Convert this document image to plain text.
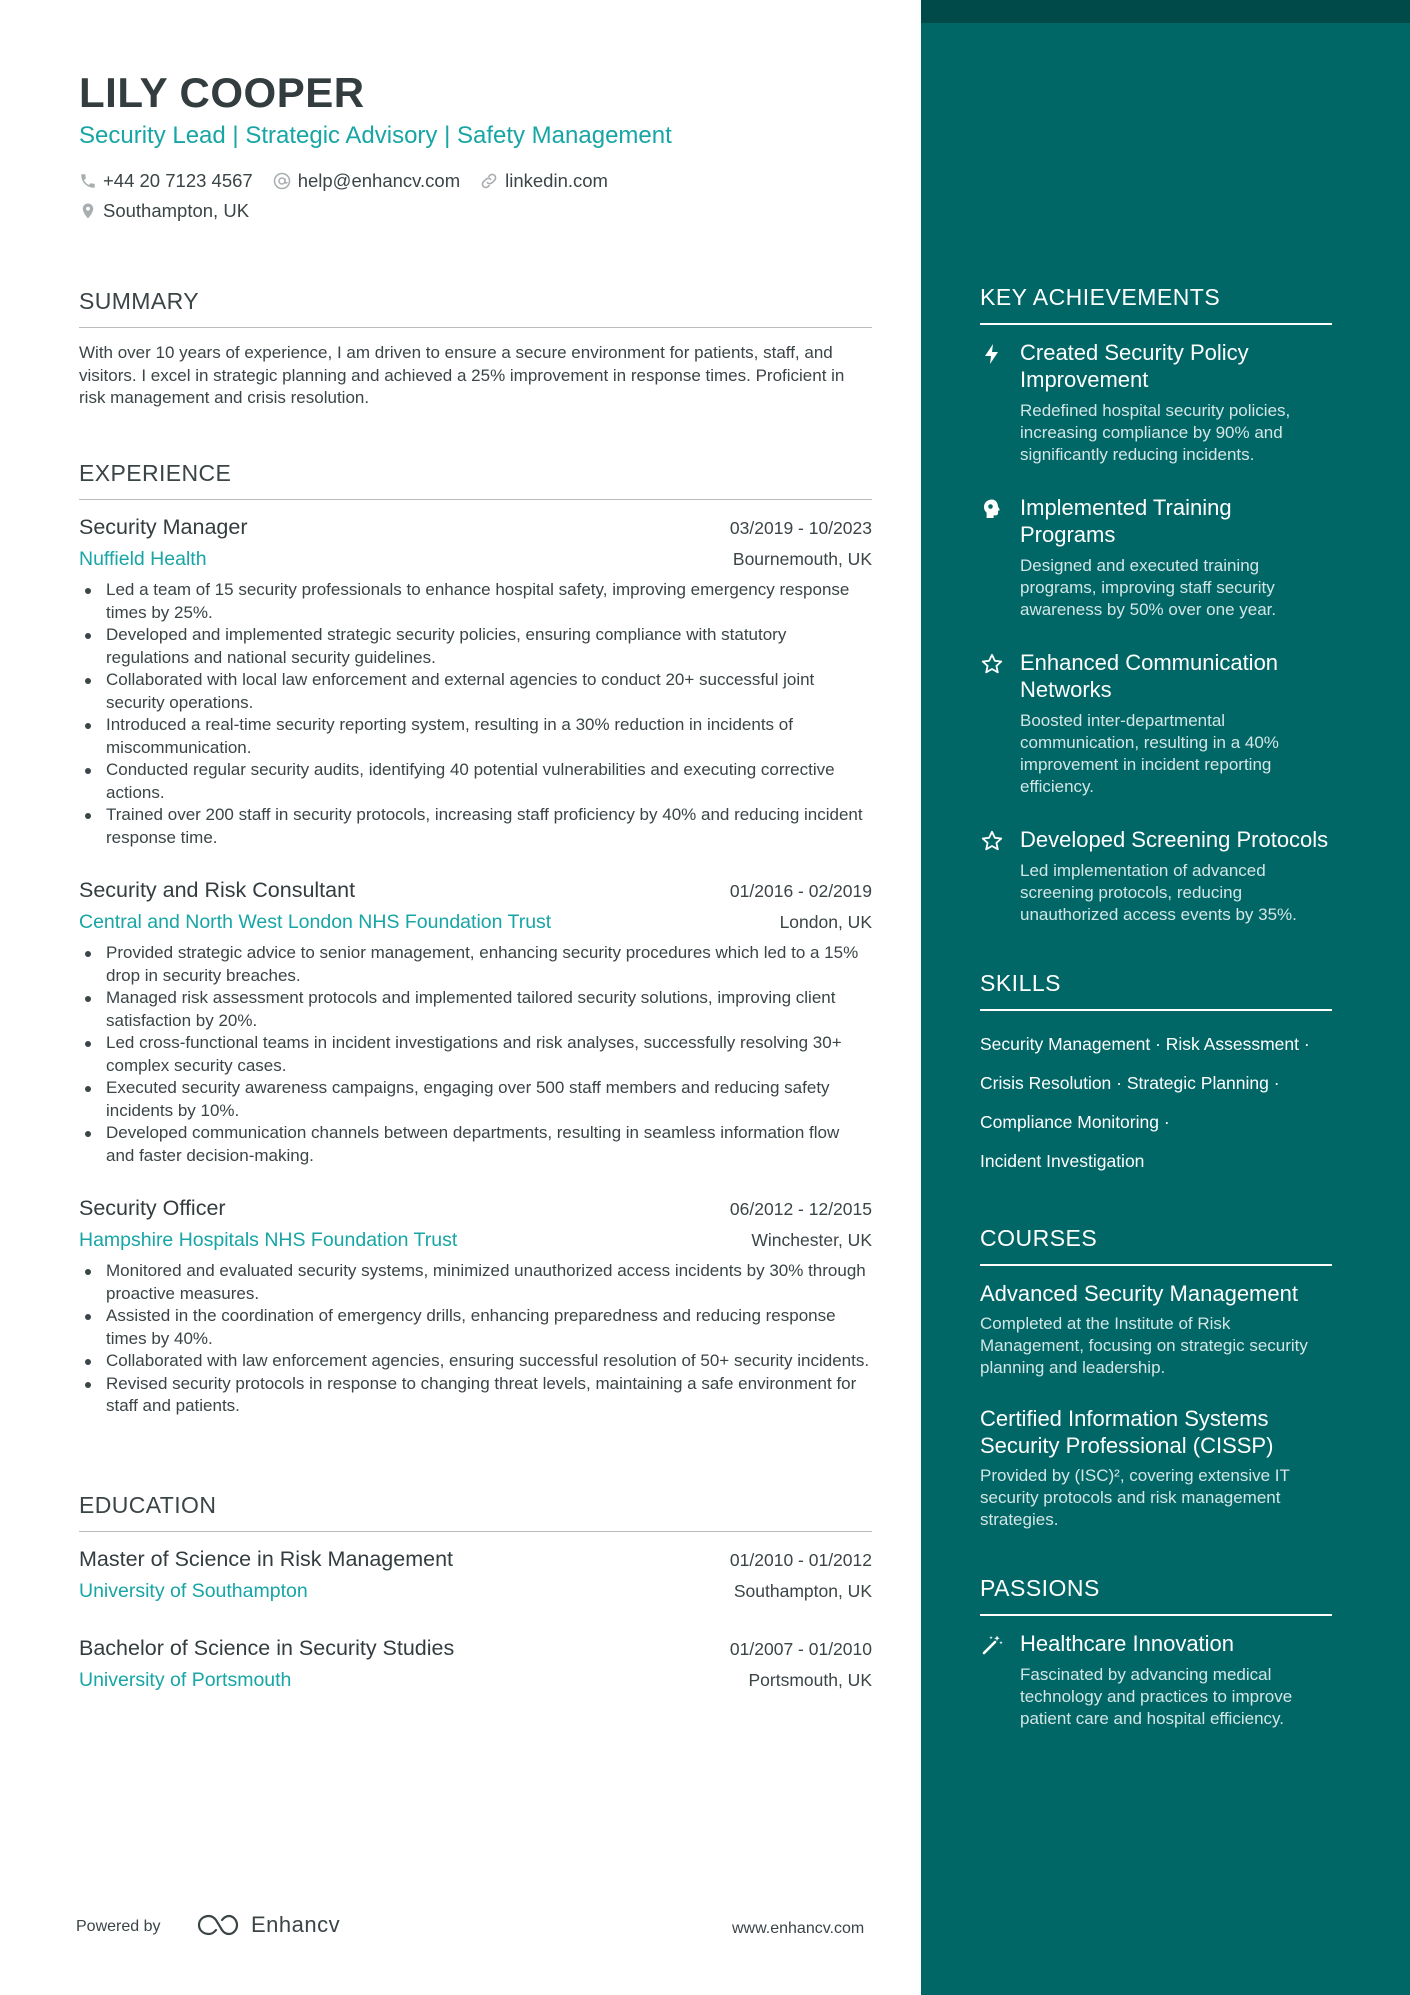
LILY COOPER
Security Lead | Strategic Advisory | Safety Management
+44 20 7123 4567 help@enhancv.com linkedin.com
Southampton, UK
SUMMARY
With over 10 years of experience, I am driven to ensure a secure environment for patients, staff, and visitors. I excel in strategic planning and achieved a 25% improvement in response times. Proficient in risk management and crisis resolution.
EXPERIENCE
Security Manager	03/2019 - 10/2023
Nuffield Health	Bournemouth, UK
Led a team of 15 security professionals to enhance hospital safety, improving emergency response times by 25%.
Developed and implemented strategic security policies, ensuring compliance with statutory regulations and national security guidelines.
Collaborated with local law enforcement and external agencies to conduct 20+ successful joint security operations.
Introduced a real-time security reporting system, resulting in a 30% reduction in incidents of miscommunication.
Conducted regular security audits, identifying 40 potential vulnerabilities and executing corrective actions.
Trained over 200 staff in security protocols, increasing staff proficiency by 40% and reducing incident response time.
Security and Risk Consultant	01/2016 - 02/2019
Central and North West London NHS Foundation Trust	London, UK
Provided strategic advice to senior management, enhancing security procedures which led to a 15% drop in security breaches.
Managed risk assessment protocols and implemented tailored security solutions, improving client satisfaction by 20%.
Led cross-functional teams in incident investigations and risk analyses, successfully resolving 30+ complex security cases.
Executed security awareness campaigns, engaging over 500 staff members and reducing safety incidents by 10%.
Developed communication channels between departments, resulting in seamless information flow and faster decision-making.
Security Officer	06/2012 - 12/2015
Hampshire Hospitals NHS Foundation Trust	Winchester, UK
Monitored and evaluated security systems, minimized unauthorized access incidents by 30% through proactive measures.
Assisted in the coordination of emergency drills, enhancing preparedness and reducing response times by 40%.
Collaborated with law enforcement agencies, ensuring successful resolution of 50+ security incidents.
Revised security protocols in response to changing threat levels, maintaining a safe environment for staff and patients.
EDUCATION
Master of Science in Risk Management	01/2010 - 01/2012
University of Southampton	Southampton, UK
Bachelor of Science in Security Studies	01/2007 - 01/2010
University of Portsmouth	Portsmouth, UK
Powered by	Enhancv	www.enhancv.com
KEY ACHIEVEMENTS
Created Security Policy Improvement
Redefined hospital security policies, increasing compliance by 90% and significantly reducing incidents.
Implemented Training Programs
Designed and executed training programs, improving staff security awareness by 50% over one year.
Enhanced Communication Networks
Boosted inter-departmental communication, resulting in a 40% improvement in incident reporting efficiency.
Developed Screening Protocols
Led implementation of advanced screening protocols, reducing unauthorized access events by 35%.
SKILLS
Security Management · Risk Assessment ·
Crisis Resolution · Strategic Planning ·
Compliance Monitoring ·
Incident Investigation
COURSES
Advanced Security Management
Completed at the Institute of Risk Management, focusing on strategic security planning and leadership.
Certified Information Systems Security Professional (CISSP)
Provided by (ISC)², covering extensive IT security protocols and risk management strategies.
PASSIONS
Healthcare Innovation
Fascinated by advancing medical technology and practices to improve patient care and hospital efficiency.
